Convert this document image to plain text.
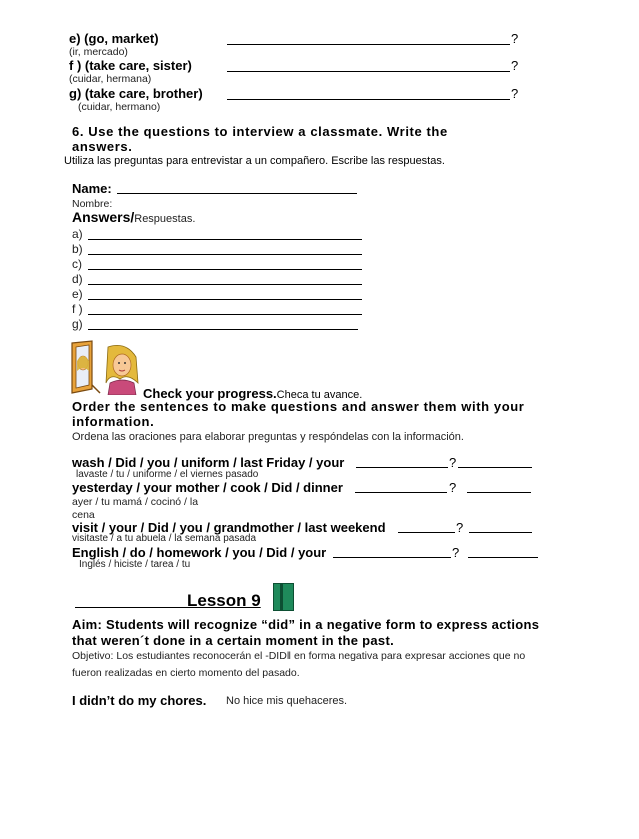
e) (go, market)	?
(ir, mercado)
f ) (take care, sister)	?
(cuidar, hermana)
g) (take care, brother)	?
(cuidar, hermano)
6. Use the questions to interview a classmate. Write the
answers.
Utiliza las preguntas para entrevistar a un compañero. Escribe las respuestas.
Name:
Nombre:
Answers/Respuestas.
a)
b)
c)
d)
e)
f )
g)
Check your progress.Checa tu avance.
Order the sentences to make questions and answer them with your
information.
Ordena las oraciones para elaborar preguntas y respóndelas con la información.
wash / Did / you / uniform / last Friday / your	?
lavaste / tu / uniforme / el viernes pasado
yesterday / your mother / cook / Did / dinner	?
ayer / tu mamá / cocinó / la
cena
visit / your / Did / you / grandmother / last weekend	?
visitaste / a tu abuela / la semana pasada
English / do / homework / you / Did / your	?
Inglés / hiciste / tarea / tu
Lesson 9
Aim: Students will recognize “did” in a negative form to express actions
that weren´t done in a certain moment in the past.
Objetivo: Los estudiantes reconocerán el -DID‖ en forma negativa para expresar acciones que no
fueron realizadas en cierto momento del pasado.
I didn’t do my chores. No hice mis quehaceres.
